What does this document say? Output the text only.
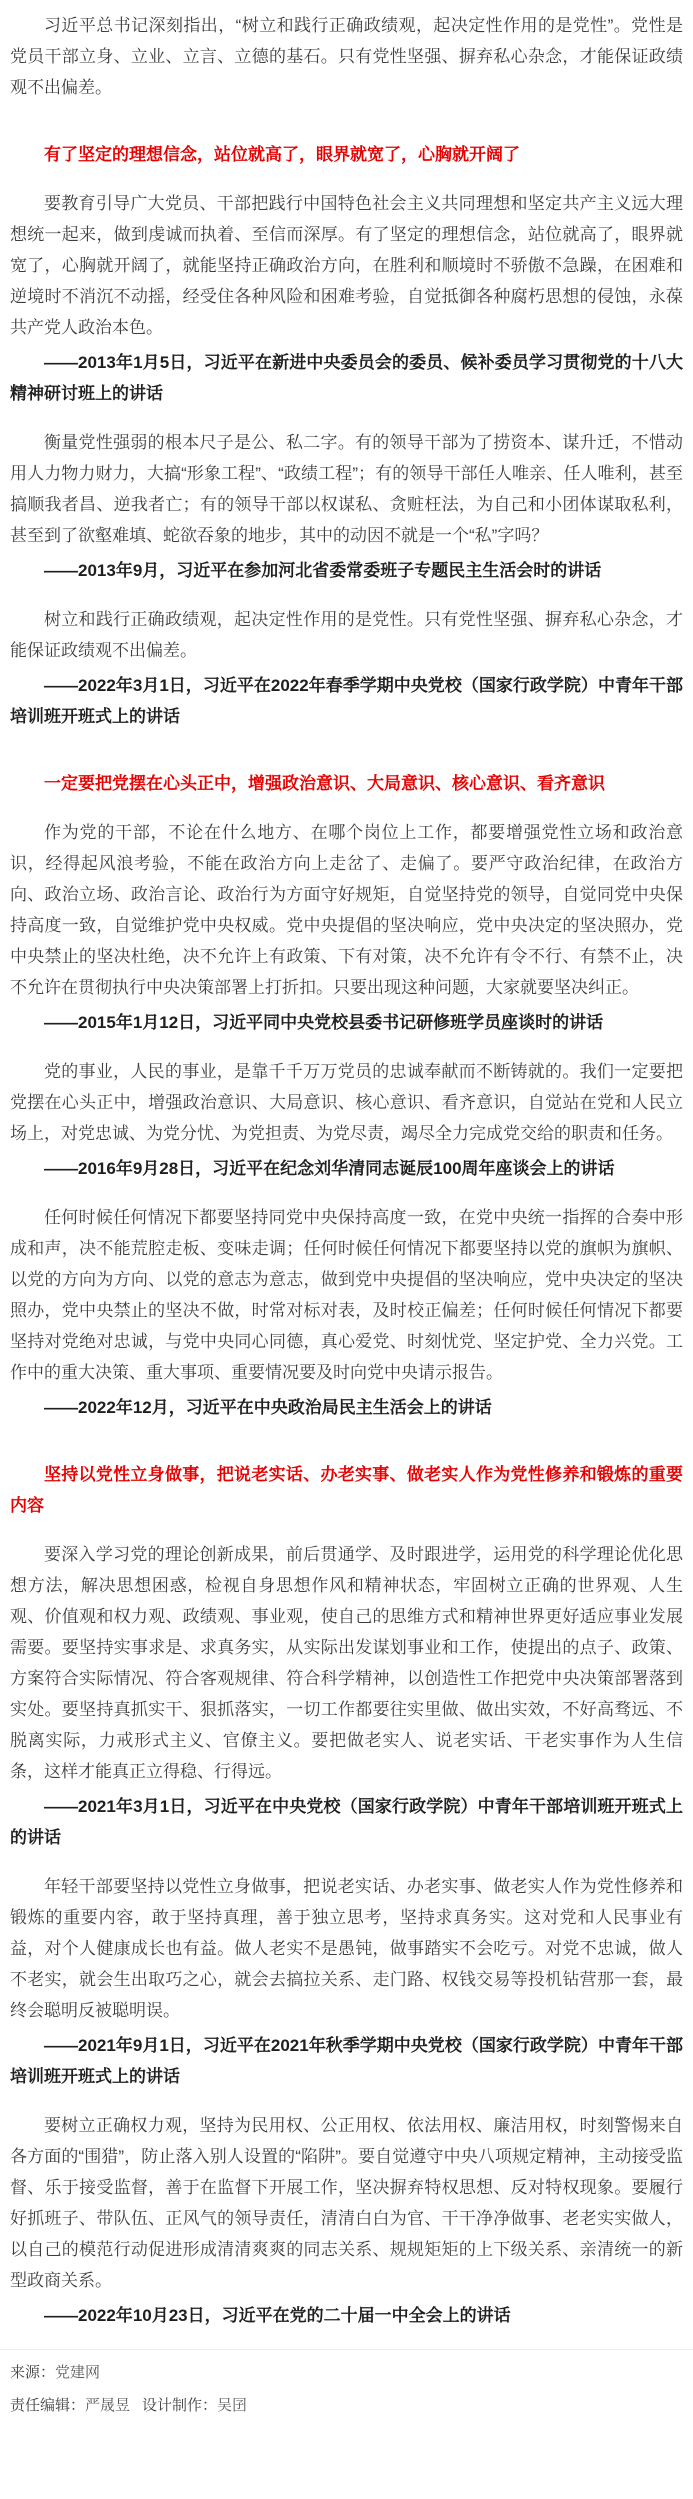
习近平总书记深刻指出，“树立和践行正确政绩观，起决定性作用的是党性”。党性是党员干部立身、立业、立言、立德的基石。只有党性坚强、摒弃私心杂念，才能保证政绩观不出偏差。

有了坚定的理想信念，站位就高了，眼界就宽了，心胸就开阔了

要教育引导广大党员、干部把践行中国特色社会主义共同理想和坚定共产主义远大理想统一起来，做到虔诚而执着、至信而深厚。有了坚定的理想信念，站位就高了，眼界就宽了，心胸就开阔了，就能坚持正确政治方向，在胜利和顺境时不骄傲不急躁，在困难和逆境时不消沉不动摇，经受住各种风险和困难考验，自觉抵御各种腐朽思想的侵蚀，永葆共产党人政治本色。

——2013年1月5日，习近平在新进中央委员会的委员、候补委员学习贯彻党的十八大精神研讨班上的讲话

衡量党性强弱的根本尺子是公、私二字。有的领导干部为了捞资本、谋升迁，不惜动用人力物力财力，大搞“形象工程”、“政绩工程”；有的领导干部任人唯亲、任人唯利，甚至搞顺我者昌、逆我者亡；有的领导干部以权谋私、贪赃枉法，为自己和小团体谋取私利，甚至到了欲壑难填、蛇欲吞象的地步，其中的动因不就是一个“私”字吗？

——2013年9月，习近平在参加河北省委常委班子专题民主生活会时的讲话

树立和践行正确政绩观，起决定性作用的是党性。只有党性坚强、摒弃私心杂念，才能保证政绩观不出偏差。

——2022年3月1日，习近平在2022年春季学期中央党校（国家行政学院）中青年干部培训班开班式上的讲话

一定要把党摆在心头正中，增强政治意识、大局意识、核心意识、看齐意识

作为党的干部，不论在什么地方、在哪个岗位上工作，都要增强党性立场和政治意识，经得起风浪考验，不能在政治方向上走岔了、走偏了。要严守政治纪律，在政治方向、政治立场、政治言论、政治行为方面守好规矩，自觉坚持党的领导，自觉同党中央保持高度一致，自觉维护党中央权威。党中央提倡的坚决响应，党中央决定的坚决照办，党中央禁止的坚决杜绝，决不允许上有政策、下有对策，决不允许有令不行、有禁不止，决不允许在贯彻执行中央决策部署上打折扣。只要出现这种问题，大家就要坚决纠正。

——2015年1月12日，习近平同中央党校县委书记研修班学员座谈时的讲话

党的事业，人民的事业，是靠千千万万党员的忠诚奉献而不断铸就的。我们一定要把党摆在心头正中，增强政治意识、大局意识、核心意识、看齐意识，自觉站在党和人民立场上，对党忠诚、为党分忧、为党担责、为党尽责，竭尽全力完成党交给的职责和任务。

——2016年9月28日，习近平在纪念刘华清同志诞辰100周年座谈会上的讲话

任何时候任何情况下都要坚持同党中央保持高度一致，在党中央统一指挥的合奏中形成和声，决不能荒腔走板、变味走调；任何时候任何情况下都要坚持以党的旗帜为旗帜、以党的方向为方向、以党的意志为意志，做到党中央提倡的坚决响应，党中央决定的坚决照办，党中央禁止的坚决不做，时常对标对表，及时校正偏差；任何时候任何情况下都要坚持对党绝对忠诚，与党中央同心同德，真心爱党、时刻忧党、坚定护党、全力兴党。工作中的重大决策、重大事项、重要情况要及时向党中央请示报告。

——2022年12月，习近平在中央政治局民主生活会上的讲话

坚持以党性立身做事，把说老实话、办老实事、做老实人作为党性修养和锻炼的重要内容

要深入学习党的理论创新成果，前后贯通学、及时跟进学，运用党的科学理论优化思想方法，解决思想困惑，检视自身思想作风和精神状态，牢固树立正确的世界观、人生观、价值观和权力观、政绩观、事业观，使自己的思维方式和精神世界更好适应事业发展需要。要坚持实事求是、求真务实，从实际出发谋划事业和工作，使提出的点子、政策、方案符合实际情况、符合客观规律、符合科学精神，以创造性工作把党中央决策部署落到实处。要坚持真抓实干、狠抓落实，一切工作都要往实里做、做出实效，不好高骛远、不脱离实际，力戒形式主义、官僚主义。要把做老实人、说老实话、干老实事作为人生信条，这样才能真正立得稳、行得远。

——2021年3月1日，习近平在中央党校（国家行政学院）中青年干部培训班开班式上的讲话

年轻干部要坚持以党性立身做事，把说老实话、办老实事、做老实人作为党性修养和锻炼的重要内容，敢于坚持真理，善于独立思考，坚持求真务实。这对党和人民事业有益，对个人健康成长也有益。做人老实不是愚钝，做事踏实不会吃亏。对党不忠诚，做人不老实，就会生出取巧之心，就会去搞拉关系、走门路、权钱交易等投机钻营那一套，最终会聪明反被聪明误。

——2021年9月1日，习近平在2021年秋季学期中央党校（国家行政学院）中青年干部培训班开班式上的讲话

要树立正确权力观，坚持为民用权、公正用权、依法用权、廉洁用权，时刻警惕来自各方面的“围猎”，防止落入别人设置的“陷阱”。要自觉遵守中央八项规定精神，主动接受监督、乐于接受监督，善于在监督下开展工作，坚决摒弃特权思想、反对特权现象。要履行好抓班子、带队伍、正风气的领导责任，清清白白为官、干干净净做事、老老实实做人，以自己的模范行动促进形成清清爽爽的同志关系、规规矩矩的上下级关系、亲清统一的新型政商关系。

——2022年10月23日，习近平在党的二十届一中全会上的讲话

来源：党建网

责任编辑：严晟昱 设计制作：吴囝
